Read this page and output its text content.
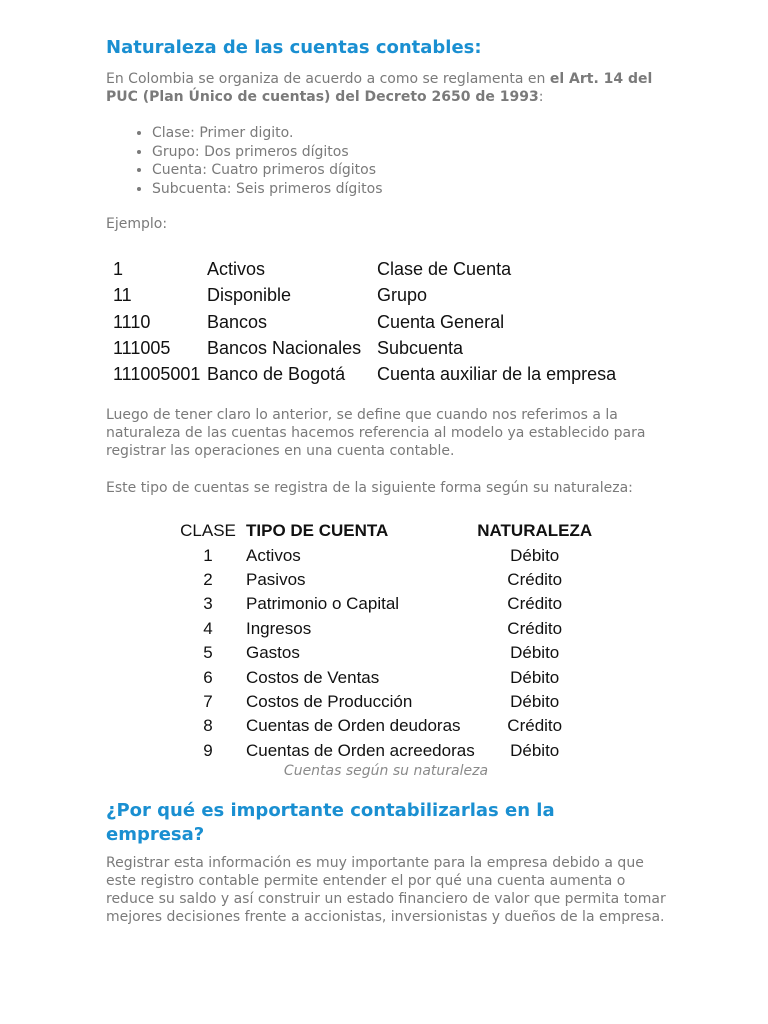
Naturaleza de las cuentas contables:

En Colombia se organiza de acuerdo a como se reglamenta en el Art. 14 del PUC (Plan Único de cuentas) del Decreto 2650 de 1993:

• Clase: Primer digito.
• Grupo: Dos primeros dígitos
• Cuenta: Cuatro primeros dígitos
• Subcuenta: Seis primeros dígitos

Ejemplo:

1	Activos	Clase de Cuenta
11	Disponible	Grupo
1110	Bancos	Cuenta General
111005	Bancos Nacionales	Subcuenta
111005001	Banco de Bogotá	Cuenta auxiliar de la empresa

Luego de tener claro lo anterior, se define que cuando nos referimos a la naturaleza de las cuentas hacemos referencia al modelo ya establecido para registrar las operaciones en una cuenta contable.

Este tipo de cuentas se registra de la siguiente forma según su naturaleza:

CLASE	TIPO DE CUENTA	NATURALEZA
1	Activos	Débito
2	Pasivos	Crédito
3	Patrimonio o Capital	Crédito
4	Ingresos	Crédito
5	Gastos	Débito
6	Costos de Ventas	Débito
7	Costos de Producción	Débito
8	Cuentas de Orden deudoras	Crédito
9	Cuentas de Orden acreedoras	Débito

Cuentas según su naturaleza

¿Por qué es importante contabilizarlas en la empresa?

Registrar esta información es muy importante para la empresa debido a que este registro contable permite entender el por qué una cuenta aumenta o reduce su saldo y así construir un estado financiero de valor que permita tomar mejores decisiones frente a accionistas, inversionistas y dueños de la empresa.
